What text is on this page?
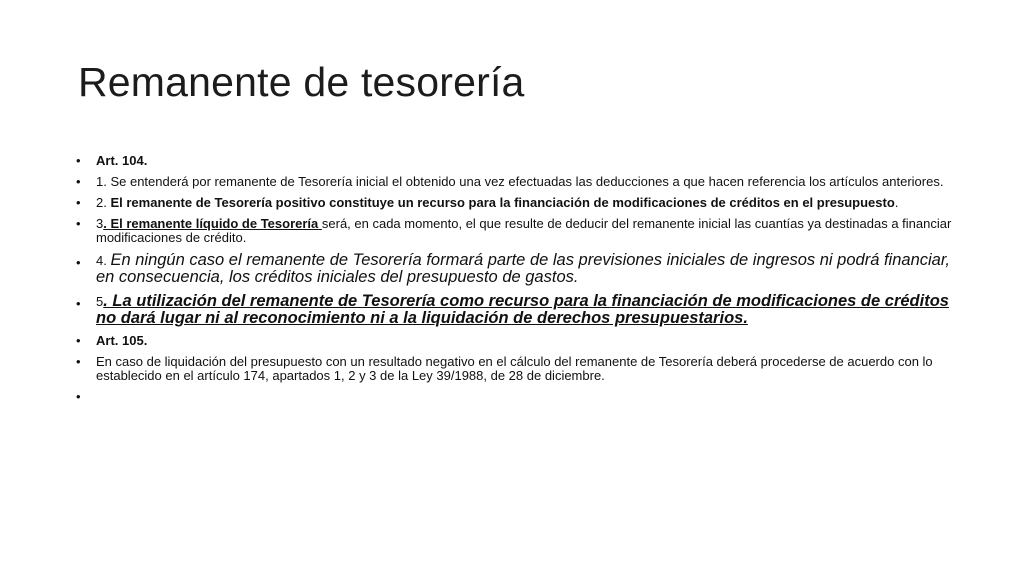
Remanente de tesorería
• Art. 104.
• 1. Se entenderá por remanente de Tesorería inicial el obtenido una vez efectuadas las deducciones a que hacen referencia los artículos anteriores.
• 2. El remanente de Tesorería positivo constituye un recurso para la financiación de modificaciones de créditos en el presupuesto.
• 3. El remanente líquido de Tesorería será, en cada momento, el que resulte de deducir del remanente inicial las cuantías ya destinadas a financiar modificaciones de crédito.
• 4. En ningún caso el remanente de Tesorería formará parte de las previsiones iniciales de ingresos ni podrá financiar, en consecuencia, los créditos iniciales del presupuesto de gastos.
• 5. La utilización del remanente de Tesorería como recurso para la financiación de modificaciones de créditos no dará lugar ni al reconocimiento ni a la liquidación de derechos presupuestarios.
• Art. 105.
• En caso de liquidación del presupuesto con un resultado negativo en el cálculo del remanente de Tesorería deberá procederse de acuerdo con lo establecido en el artículo 174, apartados 1, 2 y 3 de la Ley 39/1988, de 28 de diciembre.
•
